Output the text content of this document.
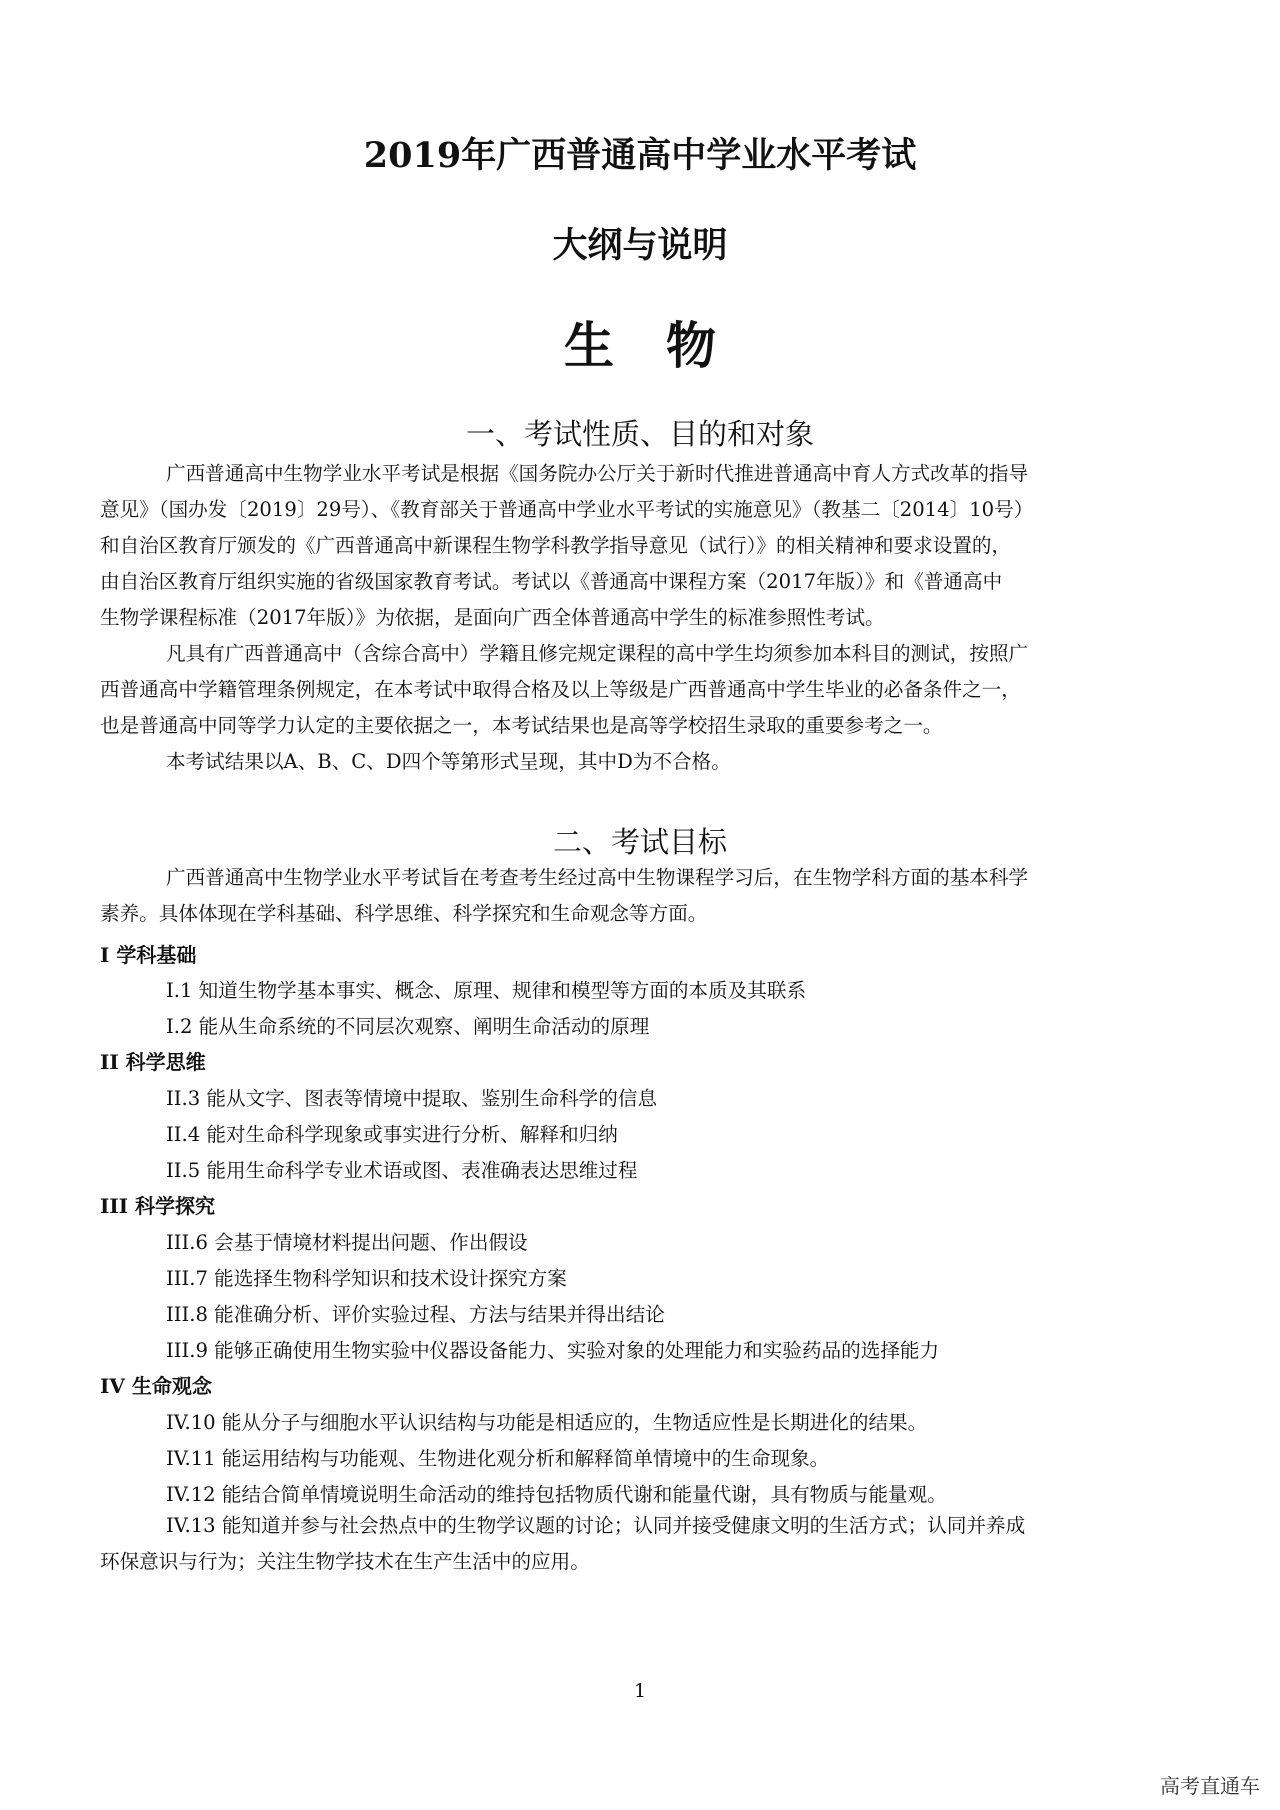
2019年广西普通高中学业水平考试
大纲与说明
生物
一、考试性质、目的和对象
广西普通高中生物学业水平考试是根据《国务院办公厅关于新时代推进普通高中育人方式改革的指导
意见》（国办发〔2019〕29号）、《教育部关于普通高中学业水平考试的实施意见》（教基二〔2014〕10号）
和自治区教育厅颁发的《广西普通高中新课程生物学科教学指导意见（试行）》的相关精神和要求设置的，
由自治区教育厅组织实施的省级国家教育考试。考试以《普通高中课程方案（2017年版）》和《普通高中
生物学课程标准（2017年版）》为依据，是面向广西全体普通高中学生的标准参照性考试。
凡具有广西普通高中（含综合高中）学籍且修完规定课程的高中学生均须参加本科目的测试，按照广
西普通高中学籍管理条例规定，在本考试中取得合格及以上等级是广西普通高中学生毕业的必备条件之一，
也是普通高中同等学力认定的主要依据之一，本考试结果也是高等学校招生录取的重要参考之一。
本考试结果以A、B、C、D四个等第形式呈现，其中D为不合格。
二、考试目标
广西普通高中生物学业水平考试旨在考查考生经过高中生物课程学习后，在生物学科方面的基本科学
素养。具体体现在学科基础、科学思维、科学探究和生命观念等方面。
I 学科基础
I.1 知道生物学基本事实、概念、原理、规律和模型等方面的本质及其联系
I.2 能从生命系统的不同层次观察、阐明生命活动的原理
II 科学思维
II.3 能从文字、图表等情境中提取、鉴别生命科学的信息
II.4 能对生命科学现象或事实进行分析、解释和归纳
II.5 能用生命科学专业术语或图、表准确表达思维过程
III 科学探究
III.6 会基于情境材料提出问题、作出假设
III.7 能选择生物科学知识和技术设计探究方案
III.8 能准确分析、评价实验过程、方法与结果并得出结论
III.9 能够正确使用生物实验中仪器设备能力、实验对象的处理能力和实验药品的选择能力
IV 生命观念
IV.10 能从分子与细胞水平认识结构与功能是相适应的，生物适应性是长期进化的结果。
IV.11 能运用结构与功能观、生物进化观分析和解释简单情境中的生命现象。
IV.12 能结合简单情境说明生命活动的维持包括物质代谢和能量代谢，具有物质与能量观。
IV.13 能知道并参与社会热点中的生物学议题的讨论；认同并接受健康文明的生活方式；认同并养成
环保意识与行为；关注生物学技术在生产生活中的应用。
1
高考直通车
